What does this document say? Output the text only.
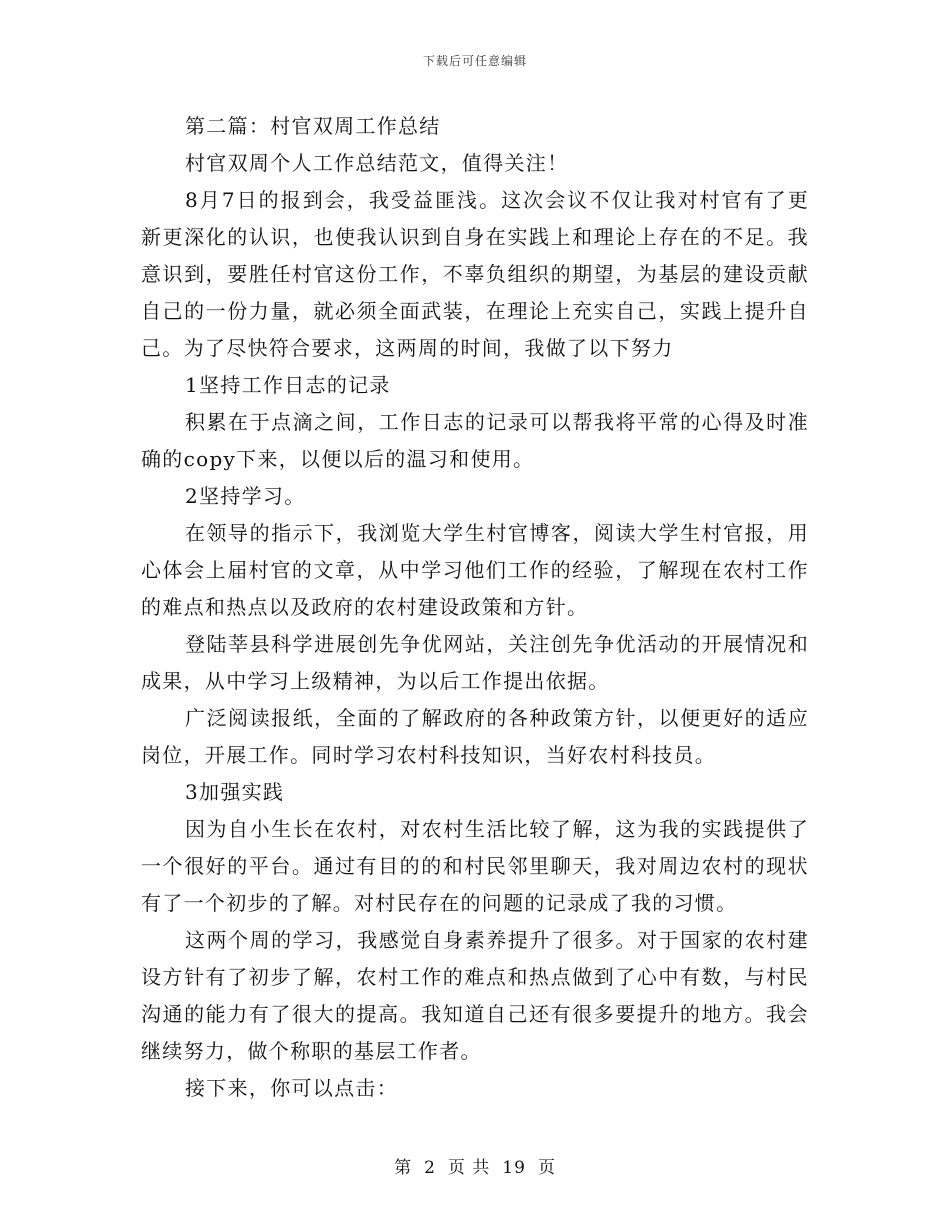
下载后可任意编辑

第二篇：村官双周工作总结

村官双周个人工作总结范文，值得关注！

8月7日的报到会，我受益匪浅。这次会议不仅让我对村官有了更新更深化的认识，也使我认识到自身在实践上和理论上存在的不足。我意识到，要胜任村官这份工作，不辜负组织的期望，为基层的建设贡献自己的一份力量，就必须全面武装，在理论上充实自己，实践上提升自己。为了尽快符合要求，这两周的时间，我做了以下努力

1坚持工作日志的记录

积累在于点滴之间，工作日志的记录可以帮我将平常的心得及时准确的copy下来，以便以后的温习和使用。

2坚持学习。

在领导的指示下，我浏览大学生村官博客，阅读大学生村官报，用心体会上届村官的文章，从中学习他们工作的经验，了解现在农村工作的难点和热点以及政府的农村建设政策和方针。

登陆莘县科学进展创先争优网站，关注创先争优活动的开展情况和成果，从中学习上级精神，为以后工作提出依据。

广泛阅读报纸，全面的了解政府的各种政策方针，以便更好的适应岗位，开展工作。同时学习农村科技知识，当好农村科技员。

3加强实践

因为自小生长在农村，对农村生活比较了解，这为我的实践提供了一个很好的平台。通过有目的的和村民邻里聊天，我对周边农村的现状有了一个初步的了解。对村民存在的问题的记录成了我的习惯。

这两个周的学习，我感觉自身素养提升了很多。对于国家的农村建设方针有了初步了解，农村工作的难点和热点做到了心中有数，与村民沟通的能力有了很大的提高。我知道自己还有很多要提升的地方。我会继续努力，做个称职的基层工作者。

接下来，你可以点击：

第 2 页 共 19 页
